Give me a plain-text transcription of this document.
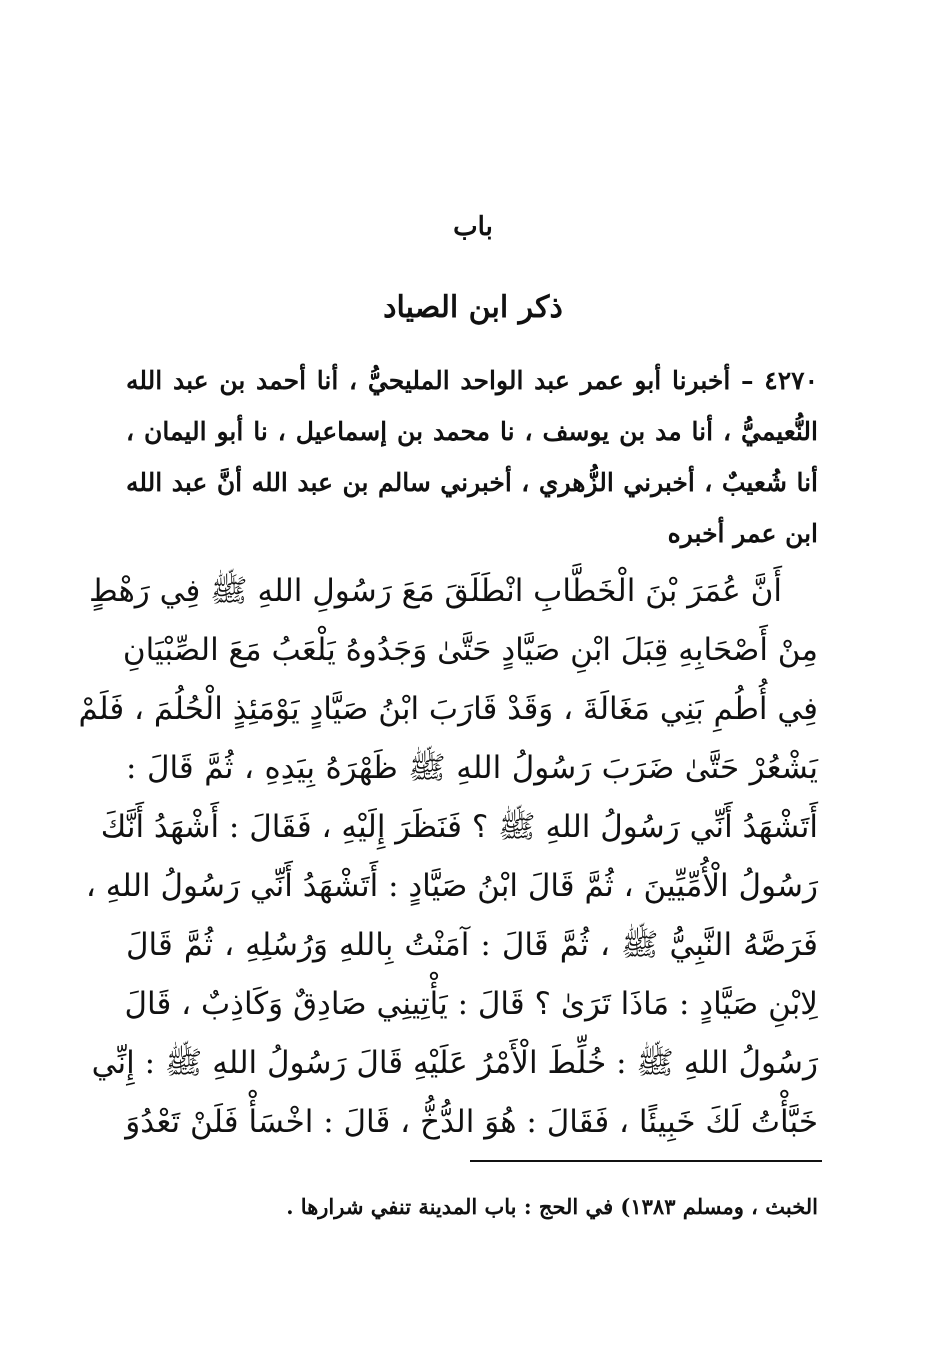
باب
ذكر ابن الصياد
٤٢٧٠ – أخبرنا أبو عمر عبد الواحد المليحيُّ ، أنا أحمد بن عبد الله
النُّعيميُّ ، أنا مد بن يوسف ، نا محمد بن إسماعيل ، نا أبو اليمان ،
أنا شُعيبٌ ، أخبرني الزُّهري ، أخبرني سالم بن عبد الله أنَّ عبد الله
ابن عمر أخبره
أَنَّ عُمَرَ بْنَ الْخَطَّابِ انْطَلَقَ مَعَ رَسُولِ اللهِ ﷺ فِي رَهْطٍ
مِنْ أَصْحَابِهِ قِبَلَ ابْنِ صَيَّادٍ حَتَّىٰ وَجَدُوهُ يَلْعَبُ مَعَ الصِّبْيَانِ
فِي أُطُمِ بَنِي مَغَالَةَ ، وَقَدْ قَارَبَ ابْنُ صَيَّادٍ يَوْمَئِذٍ الْحُلُمَ ، فَلَمْ
يَشْعُرْ حَتَّىٰ ضَرَبَ رَسُولُ اللهِ ﷺ ظَهْرَهُ بِيَدِهِ ، ثُمَّ قَالَ :
أَتَشْهَدُ أَنِّي رَسُولُ اللهِ ﷺ ؟ فَنَظَرَ إِلَيْهِ ، فَقَالَ : أَشْهَدُ أَنَّكَ
رَسُولُ الْأُمِّيِّينَ ، ثُمَّ قَالَ ابْنُ صَيَّادٍ : أَتَشْهَدُ أَنِّي رَسُولُ اللهِ ،
فَرَصَّهُ النَّبِيُّ ﷺ ، ثُمَّ قَالَ : آمَنْتُ بِاللهِ وَرُسُلِهِ ، ثُمَّ قَالَ
لِابْنِ صَيَّادٍ : مَاذَا تَرَىٰ ؟ قَالَ : يَأْتِينِي صَادِقٌ وَكَاذِبٌ ، قَالَ
رَسُولُ اللهِ ﷺ : خُلِّطَ الْأَمْرُ عَلَيْهِ قَالَ رَسُولُ اللهِ ﷺ : إِنِّي
خَبَّأْتُ لَكَ خَبِيئًا ، فَقَالَ : هُوَ الدُّخُّ ، قَالَ : اخْسَأْ فَلَنْ تَعْدُوَ
الخبث ، ومسلم ١٣٨٣) في الحج : باب المدينة تنفي شرارها .
